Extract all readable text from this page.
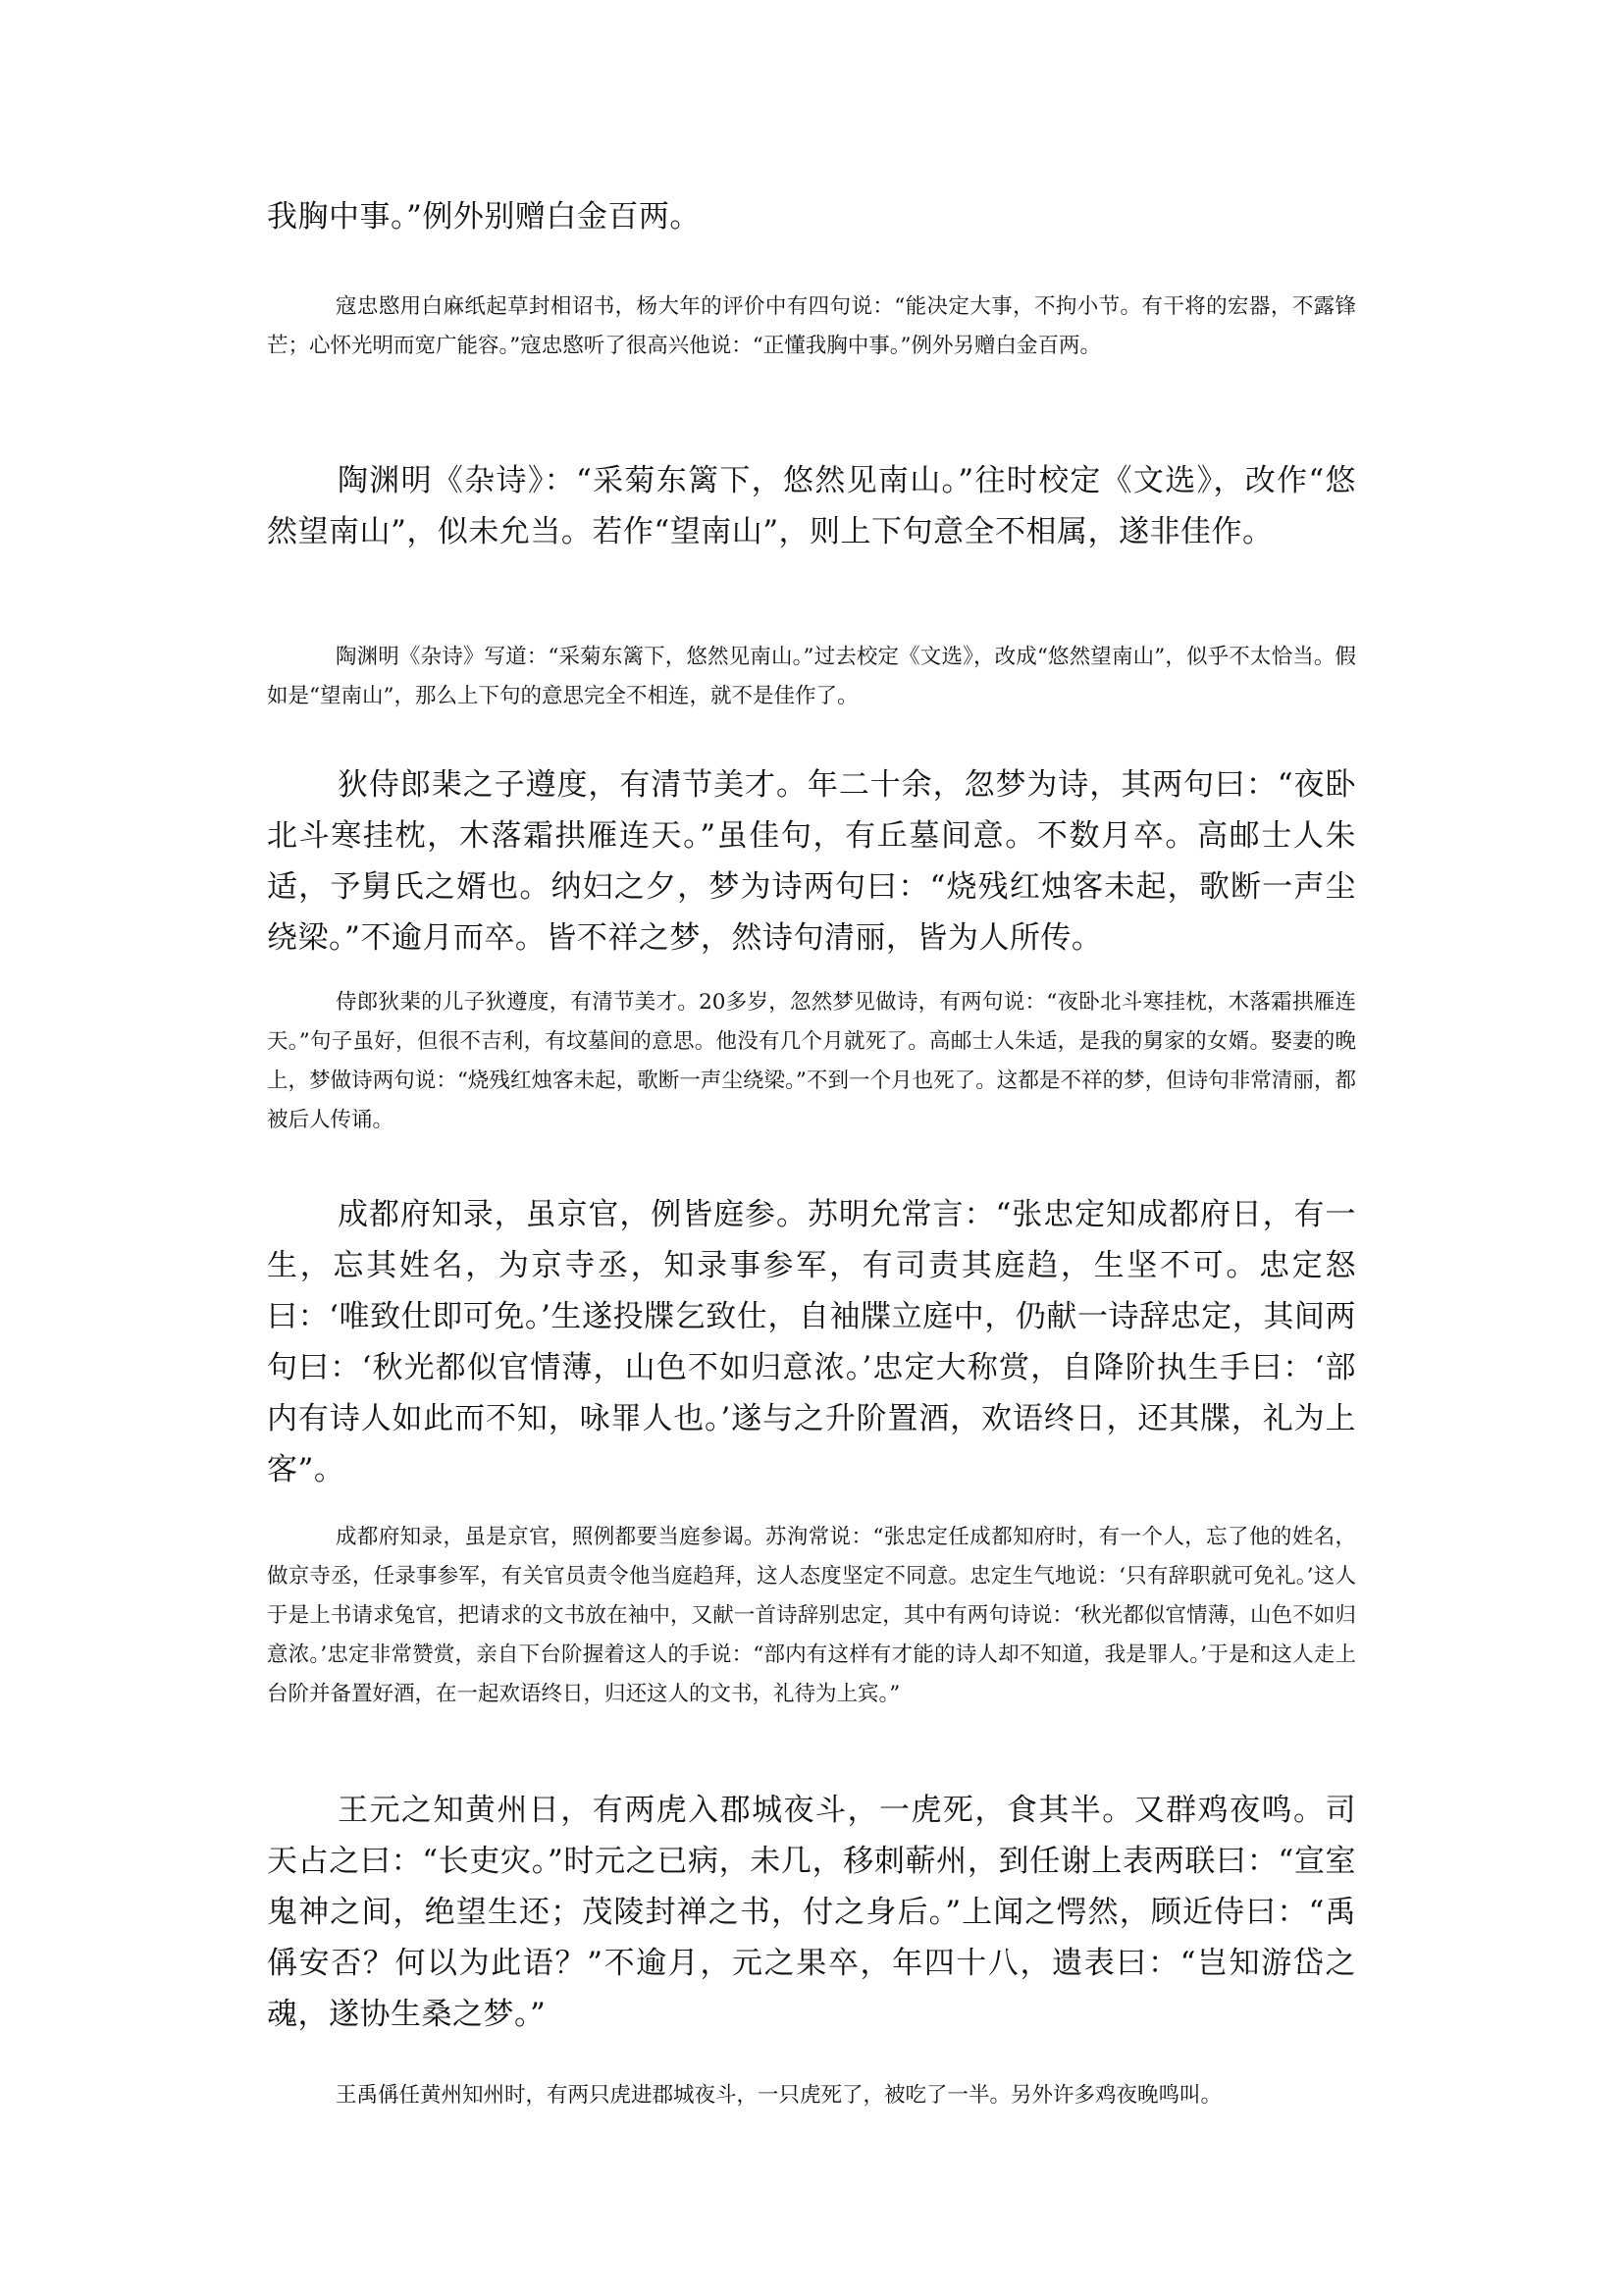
我胸中事。”例外别赠白金百两。

寇忠愍用白麻纸起草封相诏书，杨大年的评价中有四句说：“能决定大事，不拘小节。有干将的宏器，不露锋芒；心怀光明而宽广能容。”寇忠愍听了很高兴他说：“正懂我胸中事。”例外另赠白金百两。

陶渊明《杂诗》：“采菊东篱下，悠然见南山。”往时校定《文选》，改作“悠然望南山”，似未允当。若作“望南山”，则上下句意全不相属，遂非佳作。

陶渊明《杂诗》写道：“采菊东篱下，悠然见南山。”过去校定《文选》，改成“悠然望南山”，似乎不太恰当。假如是“望南山”，那么上下句的意思完全不相连，就不是佳作了。

狄侍郎棐之子遵度，有清节美才。年二十余，忽梦为诗，其两句曰：“夜卧北斗寒挂枕，木落霜拱雁连天。”虽佳句，有丘墓间意。不数月卒。高邮士人朱适，予舅氏之婿也。纳妇之夕，梦为诗两句曰：“烧残红烛客未起，歌断一声尘绕梁。”不逾月而卒。皆不祥之梦，然诗句清丽，皆为人所传。

侍郎狄棐的儿子狄遵度，有清节美才。20多岁，忽然梦见做诗，有两句说：“夜卧北斗寒挂枕，木落霜拱雁连天。”句子虽好，但很不吉利，有坟墓间的意思。他没有几个月就死了。高邮士人朱适，是我的舅家的女婿。娶妻的晚上，梦做诗两句说：“烧残红烛客未起，歌断一声尘绕梁。”不到一个月也死了。这都是不祥的梦，但诗句非常清丽，都被后人传诵。

成都府知录，虽京官，例皆庭参。苏明允常言：“张忠定知成都府日，有一生，忘其姓名，为京寺丞，知录事参军，有司责其庭趋，生坚不可。忠定怒曰：‘唯致仕即可免。’生遂投牒乞致仕，自袖牒立庭中，仍献一诗辞忠定，其间两句曰：‘秋光都似官情薄，山色不如归意浓。’忠定大称赏，自降阶执生手曰：‘部内有诗人如此而不知，咏罪人也。’遂与之升阶置酒，欢语终日，还其牒，礼为上客”。

成都府知录，虽是京官，照例都要当庭参谒。苏洵常说：“张忠定任成都知府时，有一个人，忘了他的姓名，做京寺丞，任录事参军，有关官员责令他当庭趋拜，这人态度坚定不同意。忠定生气地说：‘只有辞职就可免礼。’这人于是上书请求兔官，把请求的文书放在袖中，又献一首诗辞别忠定，其中有两句诗说：‘秋光都似官情薄，山色不如归意浓。’忠定非常赞赏，亲自下台阶握着这人的手说：“部内有这样有才能的诗人却不知道，我是罪人。’于是和这人走上台阶并备置好酒，在一起欢语终日，归还这人的文书，礼待为上宾。”

王元之知黄州日，有两虎入郡城夜斗，一虎死，食其半。又群鸡夜鸣。司天占之曰：“长吏灾。”时元之已病，未几，移刺蕲州，到任谢上表两联曰：“宣室鬼神之间，绝望生还；茂陵封禅之书，付之身后。”上闻之愕然，顾近侍曰：“禹偁安否？何以为此语？”不逾月，元之果卒，年四十八，遗表曰：“岂知游岱之魂，遂协生桑之梦。”

王禹偁任黄州知州时，有两只虎进郡城夜斗，一只虎死了，被吃了一半。另外许多鸡夜晚鸣叫。
